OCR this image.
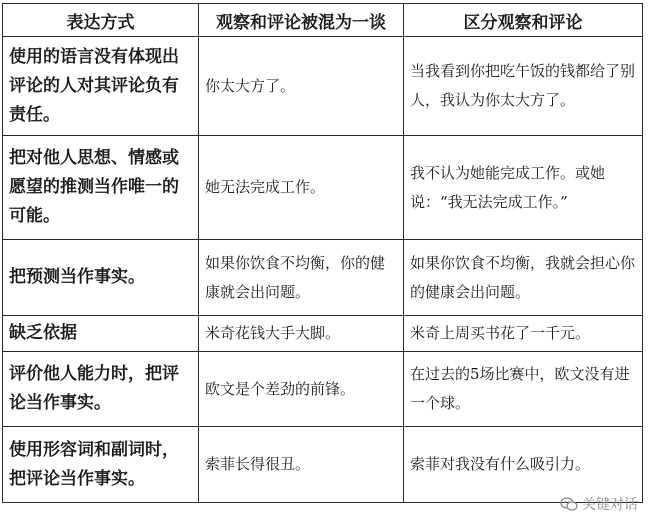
表达方式	观察和评论被混为一谈	区分观察和评论
使用的语言没有体现出评论的人对其评论负有责任。	你太大方了。	当我看到你把吃午饭的钱都给了别人，我认为你太大方了。
把对他人思想、情感或愿望的推测当作唯一的可能。	她无法完成工作。	我不认为她能完成工作。或她说：“我无法完成工作。”
把预测当作事实。	如果你饮食不均衡，你的健康就会出问题。	如果你饮食不均衡，我就会担心你的健康会出问题。
缺乏依据	米奇花钱大手大脚。	米奇上周买书花了一千元。
评价他人能力时，把评论当作事实。	欧文是个差劲的前锋。	在过去的5场比赛中，欧文没有进一个球。
使用形容词和副词时，把评论当作事实。	索菲长得很丑。	索菲对我没有什么吸引力。
关键对话
